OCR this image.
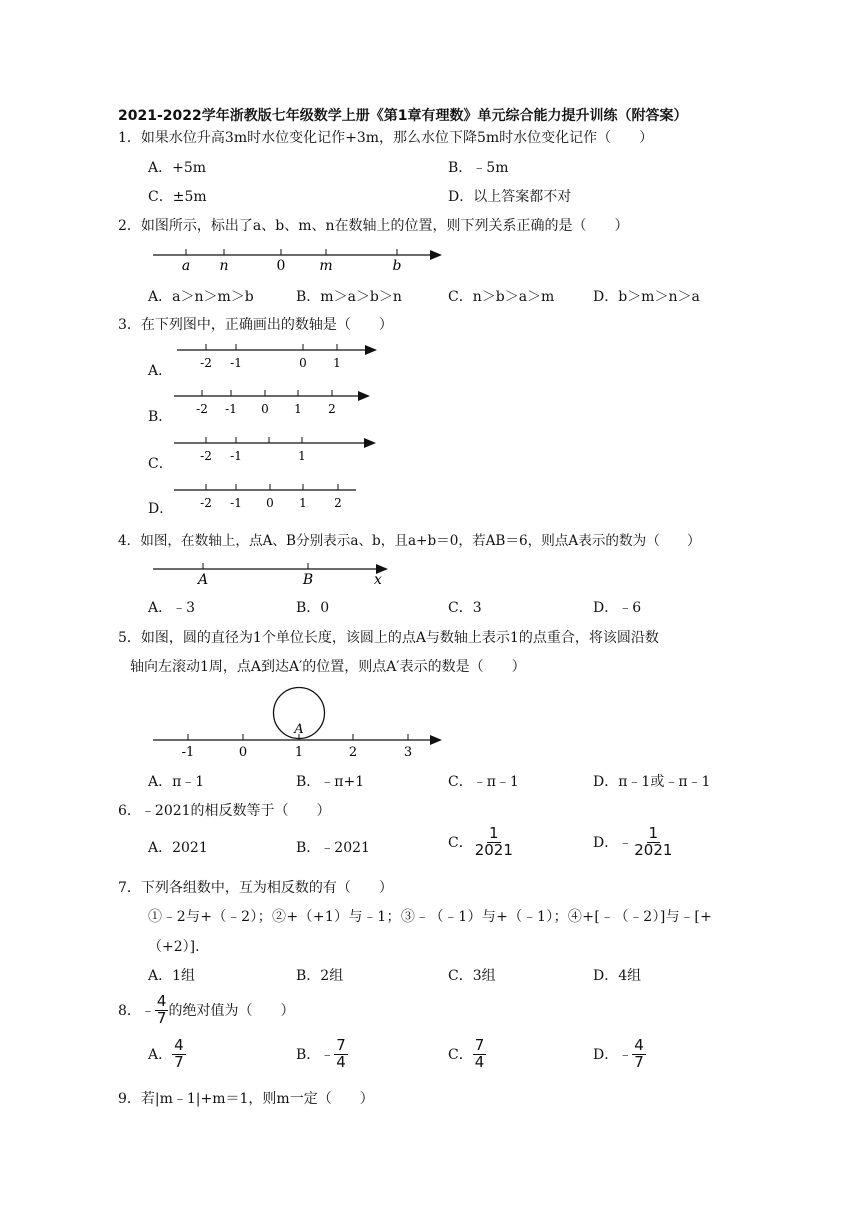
2021-2022学年浙教版七年级数学上册《第1章有理数》单元综合能力提升训练（附答案）
1．如果水位升高3m时水位变化记作+3m，那么水位下降5m时水位变化记作（　　）
A．+5m	B．﹣5m
C．±5m	D．以上答案都不对
2．如图所示，标出了a、b、m、n在数轴上的位置，则下列关系正确的是（　　）
a n	0 m	b
A．a＞n＞m＞b	B．m＞a＞b＞n	C．n＞b＞a＞m	D．b＞m＞n＞a
3．在下列图中，正确画出的数轴是（　　）
A． -2 -1	0 1
B． -2 -1 0 1 2
C． -2 -1	1
D． -2 -1 0 1 2
4．如图，在数轴上，点A、B分别表示a、b，且a+b＝0，若AB＝6，则点A表示的数为（　　）
A	B	x
A．﹣3	B．0	C．3	D．﹣6
5．如图，圆的直径为1个单位长度，该圆上的点A与数轴上表示1的点重合，将该圆沿数
轴向左滚动1周，点A到达A′的位置，则点A′表示的数是（　　）
A
-1	0	1	2	3
A．π﹣1	B．﹣π+1	C．﹣π﹣1	D．π﹣1或﹣π﹣1
6．﹣2021的相反数等于（　　）
A．2021	B．﹣2021	C． $\frac{1}{2021}$	D．﹣ $\frac{1}{2021}$
7．下列各组数中，互为相反数的有（　　）
①﹣2与+（﹣2）；②+（+1）与﹣1；③﹣（﹣1）与+（﹣1）；④+[﹣（﹣2）]与﹣[+
（+2）].
A．1组	B．2组	C．3组	D．4组
8．﹣ $\frac{4}{7}$ 的绝对值为（　　）
A． $\frac{4}{7}$	B．﹣ $\frac{7}{4}$	C． $\frac{7}{4}$	D．﹣ $\frac{4}{7}$
9．若|m﹣1|+m＝1，则m一定（　　）
